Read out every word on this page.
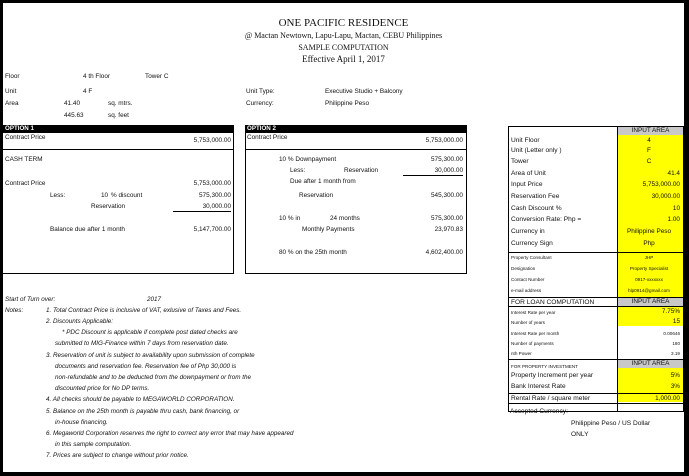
ONE PACIFIC RESIDENCE
@ Mactan Newtown, Lapu-Lapu, Mactan, CEBU Philippines
SAMPLE COMPUTATION
Effective April 1, 2017
Floor	4 th Floor	Tower C
Unit	4 F
Area	41.40	sq. mtrs.
445.63	sq. feet
Unit Type:	Executive Studio + Balcony
Currency:	Philippine Peso
OPTION 1
Contract Price	5,753,000.00
CASH TERM
Contract Price	5,753,000.00
Less:	10 % discount	575,300.00
Reservation	30,000.00
Balance due after 1 month	5,147,700.00
OPTION 2
Contract Price	5,753,000.00
10 % Downpayment	575,300.00
Less:	Reservation	30,000.00
Due after 1 month from
Reservation	545,300.00
10 % in	24 months	575,300.00
Monthly Payments	23,970.83
80 % on the 25th month	4,602,400.00
Start of Turn over:	2017
Notes:	1. Total Contract Price is inclusive of VAT, exlusive of Taxes and Fees.
2. Discounts Applicable:
* PDC Discount is applicable if complete post dated checks are
submitted to MIG-Finance within 7 days from reservation date.
3. Reservation of unit is subject to availability upon submission of complete
documents and reservation fee. Reservation fee of Php 30,000 is
non-refundable and to be deducted from the downpayment or from the
discounted price for No DP terms.
4. All checks should be payable to MEGAWORLD CORPORATION.
5. Balance on the 25th month is payable thru cash, bank financing, or
in-house financing.
6. Megaworld Corporation reserves the right to correct any error that may have appeared
in this sample computation.
7. Prices are subject to change without prior notice.
INPUT AREA
Unit Floor	4
Unit (Letter only )	F
Tower	C
Area of Unit	41.4
Input Price	5,753,000.00
Reservation Fee	30,000.00
Cash Discount %	10
Conversion Rate: Php =	1.00
Currency in	Philippine Peso
Currency Sign	Php
Property Consultant	JHP
Designation	Property Specialist
Contact Number	0917-xxxxxxx
e-mail address	hlp0914@gmail.com
FOR LOAN COMPUTATION	INPUT AREA
Interest Rate per year	7.75%
Number of years	15
Interest Rate per month	0.00646
Number of payments	180
nth Power	3.19
FOR PROPERTY INVESTMENT	INPUT AREA
Property Increment per year	5%
Bank Interest Rate	3%
Rental Rate / square meter	1,000.00
Accepted Currency:
Philippine Peso / US Dollar
ONLY
